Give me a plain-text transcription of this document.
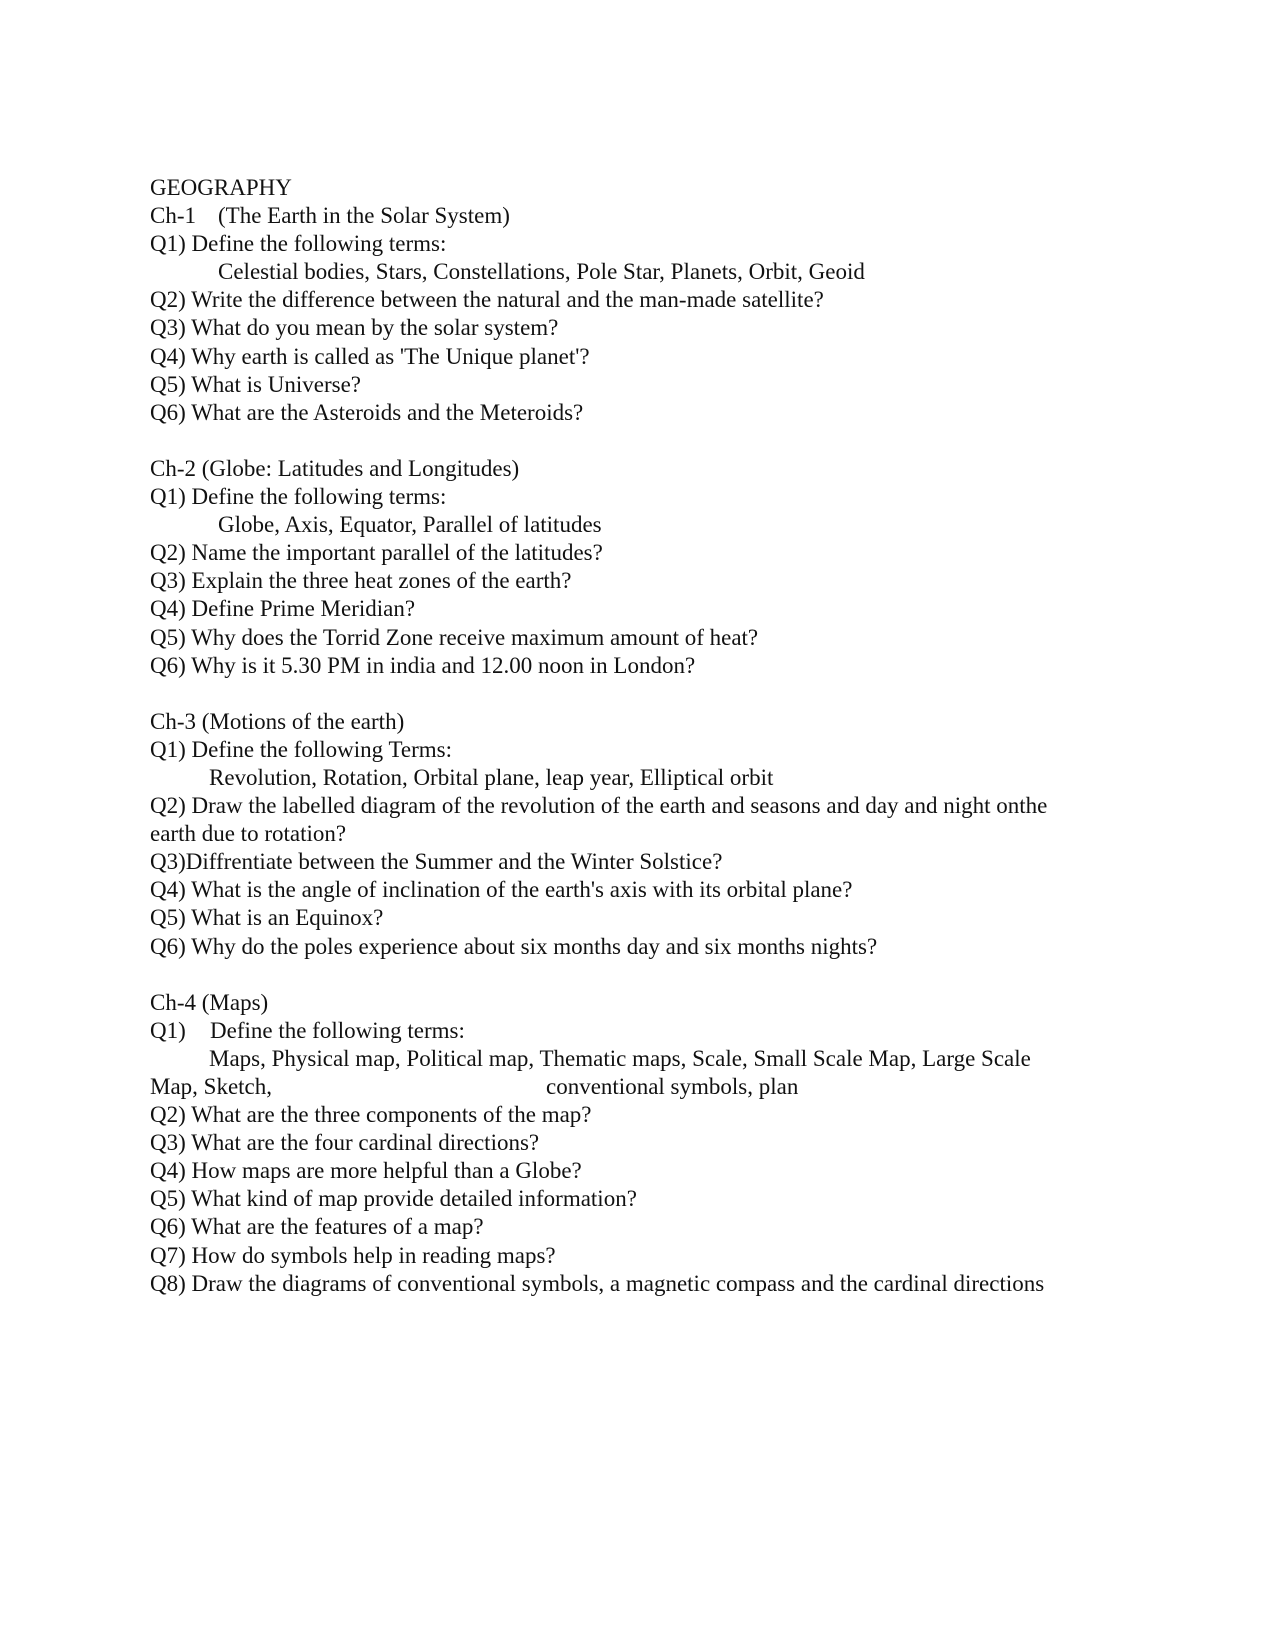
GEOGRAPHY

Ch-1 (The Earth in the Solar System)

Q1) Define the following terms:

Celestial bodies, Stars, Constellations, Pole Star, Planets, Orbit, Geoid

Q2) Write the difference between the natural and the man-made satellite?

Q3) What do you mean by the solar system?

Q4) Why earth is called as 'The Unique planet'?

Q5) What is Universe?

Q6) What are the Asteroids and the Meteroids?

Ch-2 (Globe: Latitudes and Longitudes)

Q1) Define the following terms:

Globe, Axis, Equator, Parallel of latitudes

Q2) Name the important parallel of the latitudes?

Q3) Explain the three heat zones of the earth?

Q4) Define Prime Meridian?

Q5) Why does the Torrid Zone receive maximum amount of heat?

Q6) Why is it 5.30 PM in india and 12.00 noon in London?

Ch-3 (Motions of the earth)

Q1) Define the following Terms:

Revolution, Rotation, Orbital plane, leap year, Elliptical orbit

Q2) Draw the labelled diagram of the revolution of the earth and seasons and day and night onthe

earth due to rotation?

Q3)Diffrentiate between the Summer and the Winter Solstice?

Q4) What is the angle of inclination of the earth's axis with its orbital plane?

Q5) What is an Equinox?

Q6) Why do the poles experience about six months day and six months nights?

Ch-4 (Maps)

Q1) Define the following terms:

Maps, Physical map, Political map, Thematic maps, Scale, Small Scale Map, Large Scale

Map, Sketch,	conventional symbols, plan

Q2) What are the three components of the map?

Q3) What are the four cardinal directions?

Q4) How maps are more helpful than a Globe?

Q5) What kind of map provide detailed information?

Q6) What are the features of a map?

Q7) How do symbols help in reading maps?

Q8) Draw the diagrams of conventional symbols, a magnetic compass and the cardinal directions
